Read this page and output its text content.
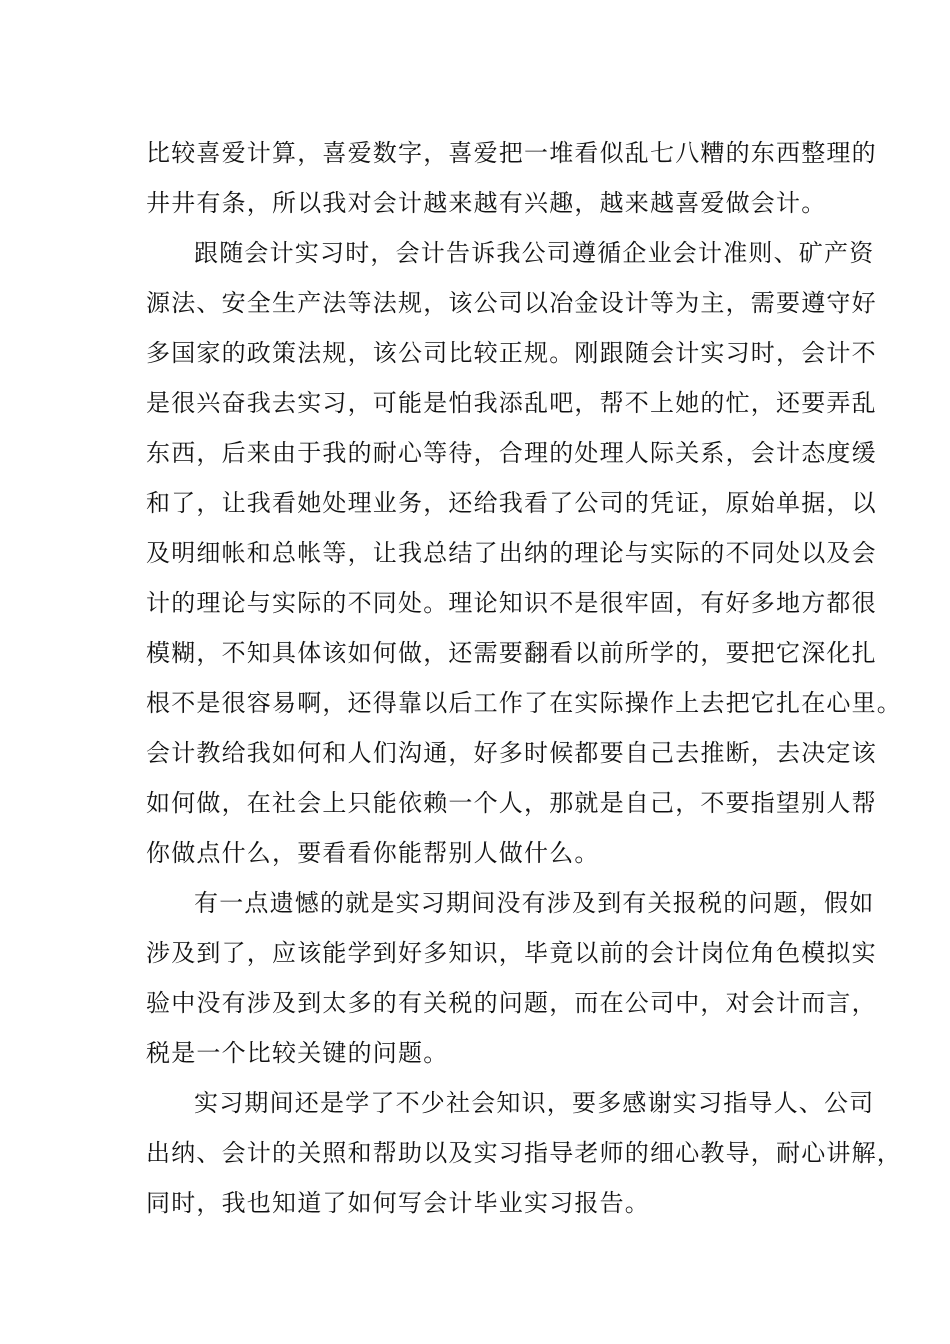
比较喜爱计算，喜爱数字，喜爱把一堆看似乱七八糟的东西整理的

井井有条，所以我对会计越来越有兴趣，越来越喜爱做会计。

跟随会计实习时，会计告诉我公司遵循企业会计准则、矿产资

源法、安全生产法等法规，该公司以冶金设计等为主，需要遵守好

多国家的政策法规，该公司比较正规。刚跟随会计实习时，会计不

是很兴奋我去实习，可能是怕我添乱吧，帮不上她的忙，还要弄乱

东西，后来由于我的耐心等待，合理的处理人际关系，会计态度缓

和了，让我看她处理业务，还给我看了公司的凭证，原始单据，以

及明细帐和总帐等，让我总结了出纳的理论与实际的不同处以及会

计的理论与实际的不同处。理论知识不是很牢固，有好多地方都很

模糊，不知具体该如何做，还需要翻看以前所学的，要把它深化扎

根不是很容易啊，还得靠以后工作了在实际操作上去把它扎在心里。

会计教给我如何和人们沟通，好多时候都要自己去推断，去决定该

如何做，在社会上只能依赖一个人，那就是自己，不要指望别人帮

你做点什么，要看看你能帮别人做什么。

有一点遗憾的就是实习期间没有涉及到有关报税的问题，假如

涉及到了，应该能学到好多知识，毕竟以前的会计岗位角色模拟实

验中没有涉及到太多的有关税的问题，而在公司中，对会计而言，

税是一个比较关键的问题。

实习期间还是学了不少社会知识，要多感谢实习指导人、公司

出纳、会计的关照和帮助以及实习指导老师的细心教导，耐心讲解，

同时，我也知道了如何写会计毕业实习报告。
